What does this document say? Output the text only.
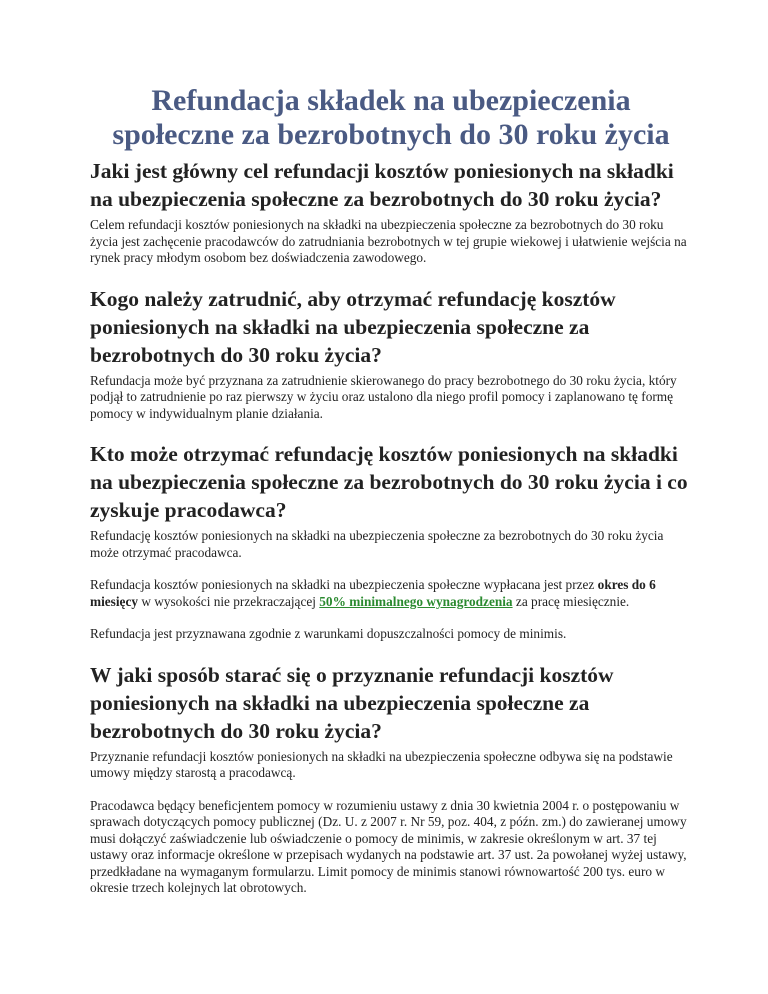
Refundacja składek na ubezpieczenia społeczne za bezrobotnych do 30 roku życia
Jaki jest główny cel refundacji kosztów poniesionych na składki na ubezpieczenia społeczne za bezrobotnych do 30 roku życia?

Celem refundacji kosztów poniesionych na składki na ubezpieczenia społeczne za bezrobotnych do 30 roku życia jest zachęcenie pracodawców do zatrudniania bezrobotnych w tej grupie wiekowej i ułatwienie wejścia na rynek pracy młodym osobom bez doświadczenia zawodowego.

Kogo należy zatrudnić, aby otrzymać refundację kosztów poniesionych na składki na ubezpieczenia społeczne za bezrobotnych do 30 roku życia?

Refundacja może być przyznana za zatrudnienie skierowanego do pracy bezrobotnego do 30 roku życia, który podjął to zatrudnienie po raz pierwszy w życiu oraz ustalono dla niego profil pomocy i zaplanowano tę formę pomocy w indywidualnym planie działania.

Kto może otrzymać refundację kosztów poniesionych na składki na ubezpieczenia społeczne za bezrobotnych do 30 roku życia i co zyskuje pracodawca?

Refundację kosztów poniesionych na składki na ubezpieczenia społeczne za bezrobotnych do 30 roku życia może otrzymać pracodawca.

Refundacja kosztów poniesionych na składki na ubezpieczenia społeczne wypłacana jest przez okres do 6 miesięcy w wysokości nie przekraczającej 50% minimalnego wynagrodzenia za pracę miesięcznie.

Refundacja jest przyznawana zgodnie z warunkami dopuszczalności pomocy de minimis.

W jaki sposób starać się o przyznanie refundacji kosztów poniesionych na składki na ubezpieczenia społeczne za bezrobotnych do 30 roku życia?

Przyznanie refundacji kosztów poniesionych na składki na ubezpieczenia społeczne odbywa się na podstawie umowy między starostą a pracodawcą.

Pracodawca będący beneficjentem pomocy w rozumieniu ustawy z dnia 30 kwietnia 2004 r. o postępowaniu w sprawach dotyczących pomocy publicznej (Dz. U. z 2007 r. Nr 59, poz. 404, z późn. zm.) do zawieranej umowy musi dołączyć zaświadczenie lub oświadczenie o pomocy de minimis, w zakresie określonym w art. 37 tej ustawy oraz informacje określone w przepisach wydanych na podstawie art. 37 ust. 2a powołanej wyżej ustawy, przedkładane na wymaganym formularzu. Limit pomocy de minimis stanowi równowartość 200 tys. euro w okresie trzech kolejnych lat obrotowych.
